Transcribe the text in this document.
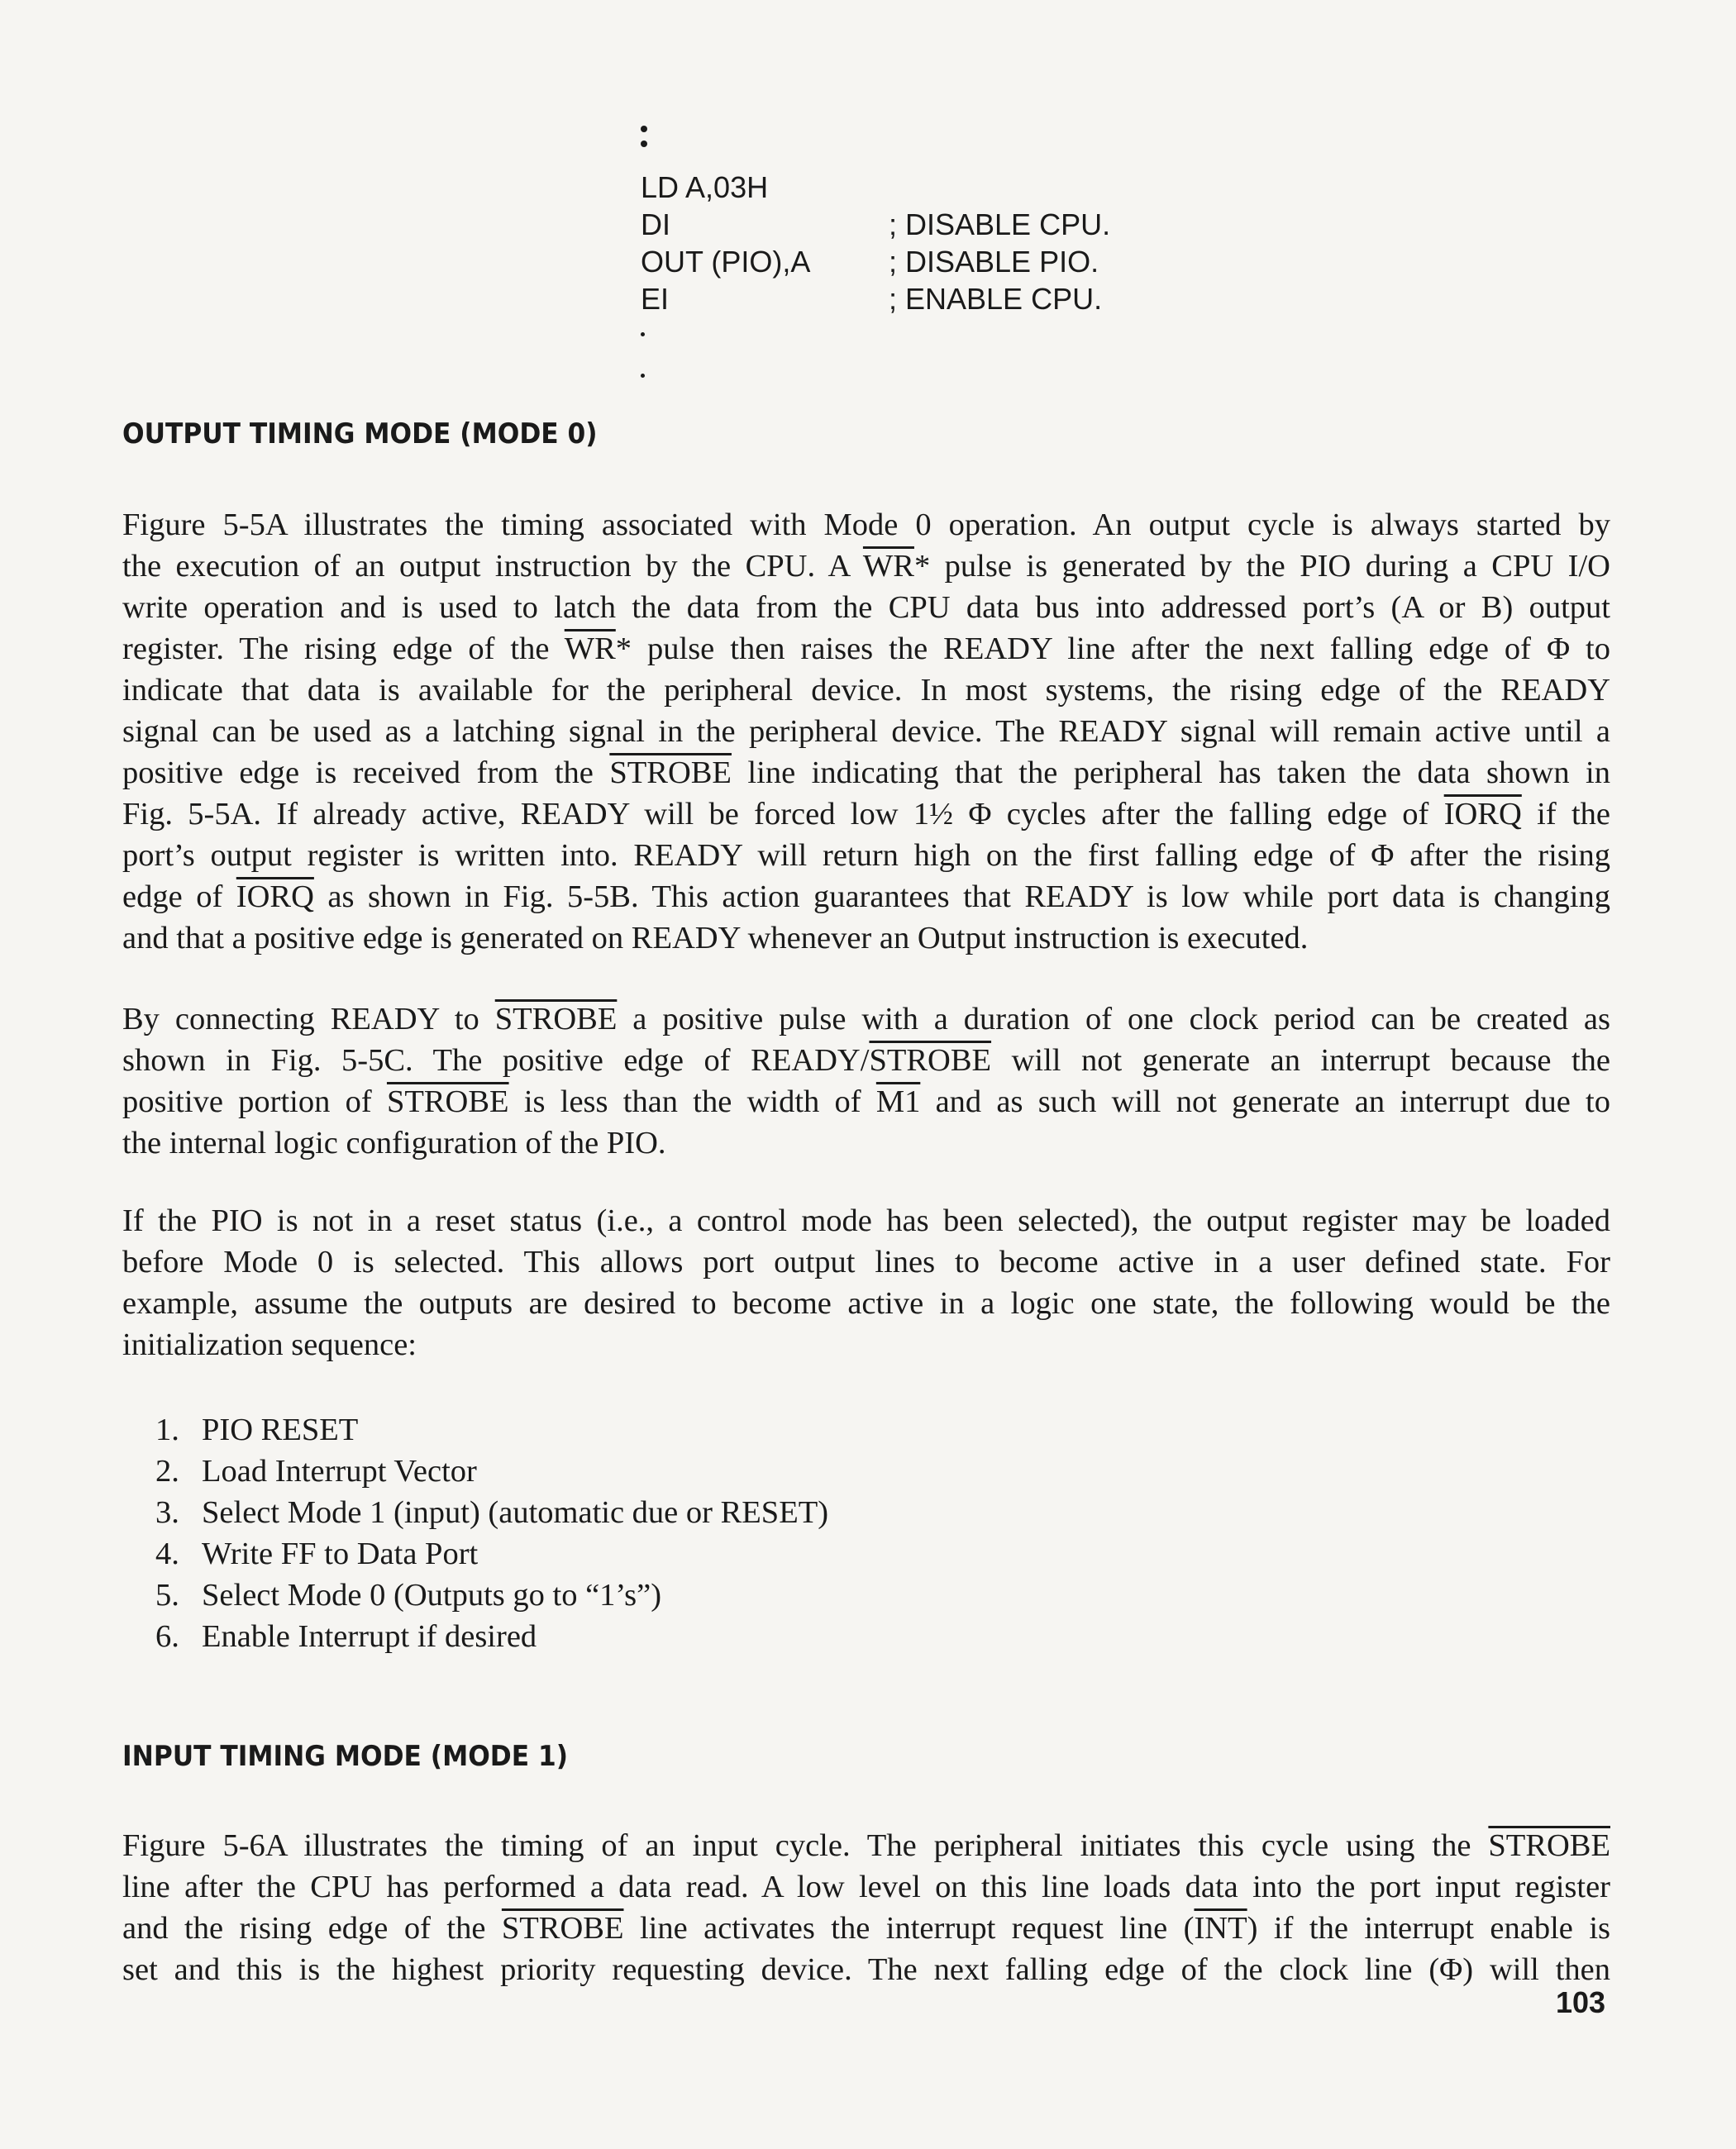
LD A,03H
DI	; DISABLE CPU.
OUT (PIO),A	; DISABLE PIO.
EI	; ENABLE CPU.
OUTPUT TIMING MODE (MODE 0)
Figure 5-5A illustrates the timing associated with Mode 0 operation. An output cycle is always started by
the execution of an output instruction by the CPU. A $\overline{WR}*$ pulse is generated by the PIO during a CPU I/O
write operation and is used to latch the data from the CPU data bus into addressed port’s (A or B) output
register. The rising edge of the $\overline{WR}*$ pulse then raises the READY line after the next falling edge of Φ to
indicate that data is available for the peripheral device. In most systems, the rising edge of the READY
signal can be used as a latching signal in the peripheral device. The READY signal will remain active until a
positive edge is received from the STROBE line indicating that the peripheral has taken the data shown in
Fig. 5-5A. If already active, READY will be forced low 1½ Φ cycles after the falling edge of IORQ if the
port’s output register is written into. READY will return high on the first falling edge of Φ after the rising
edge of IORQ as shown in Fig. 5-5B. This action guarantees that READY is low while port data is changing
and that a positive edge is generated on READY whenever an Output instruction is executed.
By connecting READY to STROBE a positive pulse with a duration of one clock period can be created as
shown in Fig. 5-5C. The positive edge of READY/STROBE will not generate an interrupt because the
positive portion of STROBE is less than the width of M1 and as such will not generate an interrupt due to
the internal logic configuration of the PIO.
If the PIO is not in a reset status (i.e., a control mode has been selected), the output register may be loaded
before Mode 0 is selected. This allows port output lines to become active in a user defined state. For
example, assume the outputs are desired to become active in a logic one state, the following would be the
initialization sequence:
1. PIO RESET
2. Load Interrupt Vector
3. Select Mode 1 (input) (automatic due or RESET)
4. Write FF to Data Port
5. Select Mode 0 (Outputs go to “1’s”)
6. Enable Interrupt if desired
INPUT TIMING MODE (MODE 1)
Figure 5-6A illustrates the timing of an input cycle. The peripheral initiates this cycle using the STROBE
line after the CPU has performed a data read. A low level on this line loads data into the port input register
and the rising edge of the STROBE line activates the interrupt request line $(\overline{INT})$ if the interrupt enable is
set and this is the highest priority requesting device. The next falling edge of the clock line (Φ) will then
103
